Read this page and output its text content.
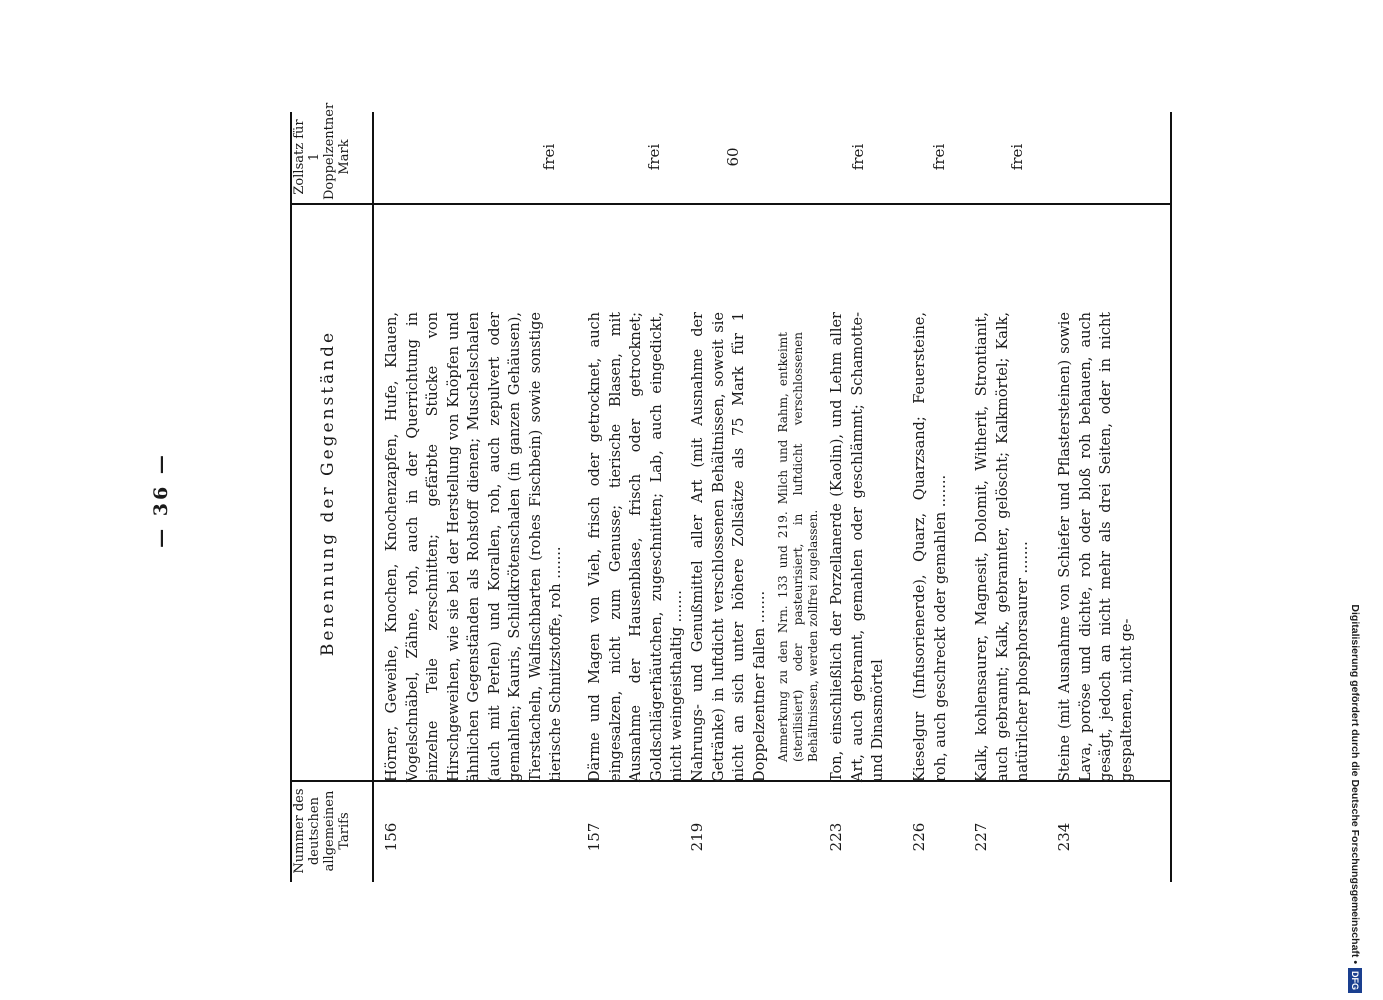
— 36 —
Nummer des deutschen allgemeinen Tarifs
Benennung der Gegenstände
Zollsatz für 1 Doppelzentner Mark
156
Hörner, Geweihe, Knochen, Knochenzapfen, Hufe, Klauen, Vogelschnäbel, Zähne, roh, auch in der Querrichtung in einzelne Teile zerschnitten; gefärbte Stücke von Hirschgeweihen, wie sie bei der Herstellung von Knöpfen und ähnlichen Gegenständen als Rohstoff dienen; Muschelschalen (auch mit Perlen) und Korallen, roh, auch zepulvert oder gemahlen; Kauris, Schildkrötenschalen (in ganzen Gehäusen), Tierstacheln, Walfischbarten (rohes Fischbein) sowie sonstige tierische Schnitzstoffe, roh .......
frei
157
Därme und Magen von Vieh, frisch oder getrocknet, auch eingesalzen, nicht zum Genusse; tierische Blasen, mit Ausnahme der Hausenblase, frisch oder getrocknet; Goldschlägerhäutchen, zugeschnitten; Lab, auch eingedickt, nicht weingeisthaltig .......
frei
219
Nahrungs- und Genußmittel aller Art (mit Ausnahme der Getränke) in luftdicht verschlossenen Behältnissen, soweit sie nicht an sich unter höhere Zollsätze als 75 Mark für 1 Doppelzentner fallen ....... Anmerkung zu den Nrn. 133 und 219. Milch und Rahm, entkeimt (sterilisiert) oder pasteurisiert, in luftdicht verschlossenen Behältnissen, werden zollfrei zugelassen.
60
223
Ton, einschließlich der Porzellanerde (Kaolin), und Lehm aller Art, auch gebrannt, gemahlen oder geschlämmt; Schamotte- und Dinasmörtel
frei
226
Kieselgur (Infusorienerde), Quarz, Quarzsand; Feuersteine, roh, auch geschreckt oder gemahlen .......
frei
227
Kalk, kohlensaurer, Magnesit, Dolomit, Witherit, Strontianit, auch gebrannt; Kalk, gebrannter, gelöscht; Kalkmörtel; Kalk, natürlicher phosphorsaurer .......
frei
234
Steine (mit Ausnahme von Schiefer und Pflastersteinen) sowie Lava, poröse und dichte, roh oder bloß roh behauen, auch gesägt, jedoch an nicht mehr als drei Seiten, oder in nicht gespaltenen, nicht ge-	Digitalisierung gefördert durch die Deutsche Forschungsgemeinschaft •DFG
